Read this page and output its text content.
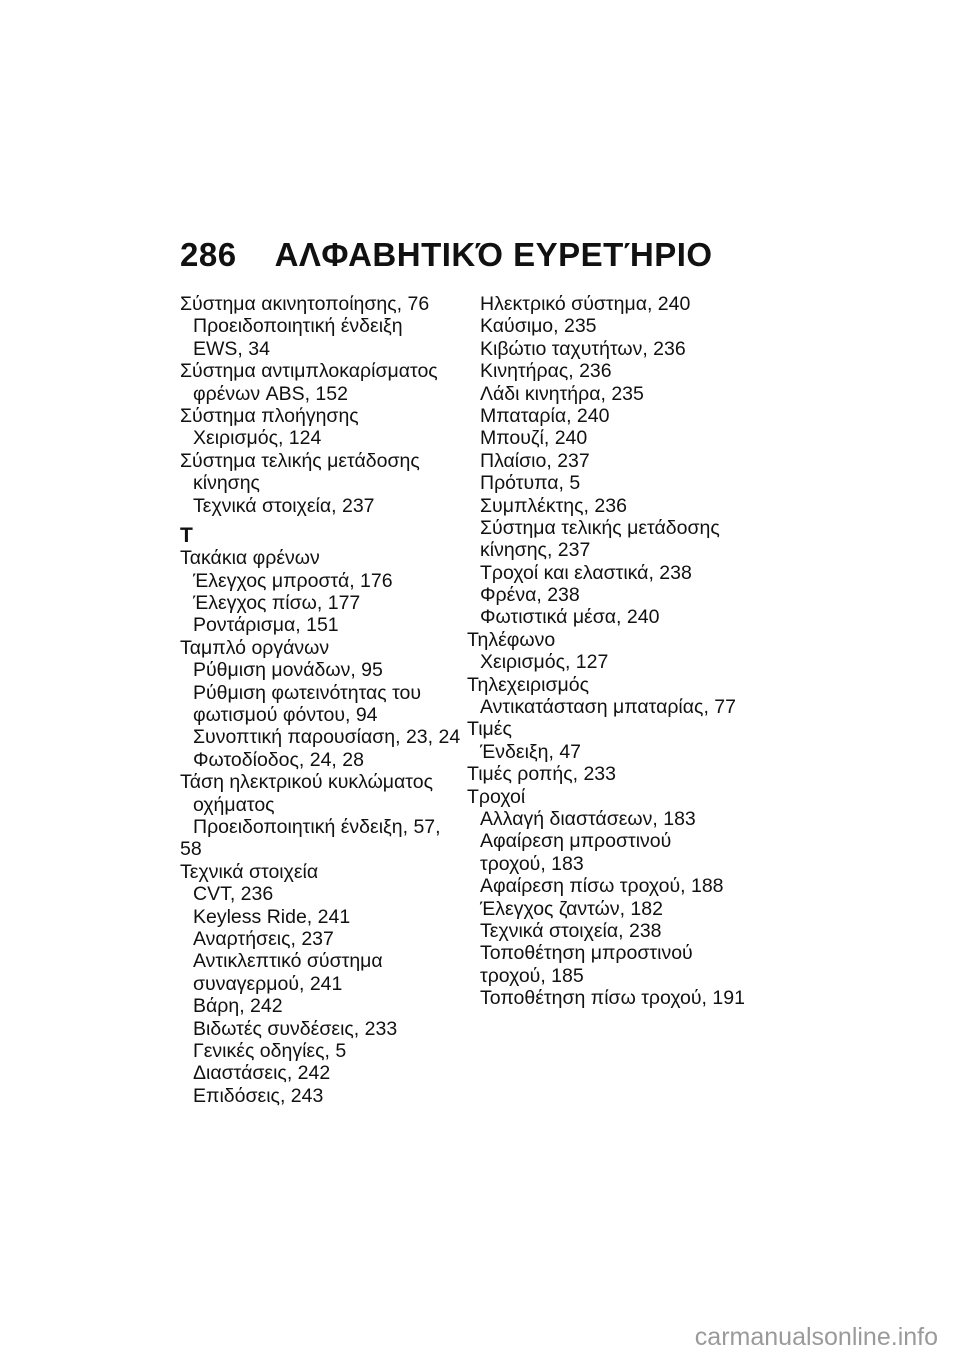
286 ΑΛΦΑΒΗΤΙΚΌ ΕΥΡΕΤΉΡΙΟ
Σύστημα ακινητοποίησης, 76
Προειδοποιητική ένδειξη
EWS, 34
Σύστημα αντιμπλοκαρίσματος
φρένων ABS, 152
Σύστημα πλοήγησης
Χειρισμός, 124
Σύστημα τελικής μετάδοσης
κίνησης
Τεχνικά στοιχεία, 237
T
Τακάκια φρένων
Έλεγχος μπροστά, 176
Έλεγχος πίσω, 177
Ροντάρισμα, 151
Ταμπλό οργάνων
Ρύθμιση μονάδων, 95
Ρύθμιση φωτεινότητας του
φωτισμού φόντου, 94
Συνοπτική παρουσίαση, 23, 24
Φωτοδίοδος, 24, 28
Τάση ηλεκτρικού κυκλώματος
οχήματος
Προειδοποιητική ένδειξη, 57,
58
Τεχνικά στοιχεία
CVT, 236
Keyless Ride, 241
Αναρτήσεις, 237
Αντικλεπτικό σύστημα
συναγερμού, 241
Βάρη, 242
Βιδωτές συνδέσεις, 233
Γενικές οδηγίες, 5
Διαστάσεις, 242
Επιδόσεις, 243
Ηλεκτρικό σύστημα, 240
Καύσιμο, 235
Κιβώτιο ταχυτήτων, 236
Κινητήρας, 236
Λάδι κινητήρα, 235
Μπαταρία, 240
Μπουζί, 240
Πλαίσιο, 237
Πρότυπα, 5
Συμπλέκτης, 236
Σύστημα τελικής μετάδοσης
κίνησης, 237
Τροχοί και ελαστικά, 238
Φρένα, 238
Φωτιστικά μέσα, 240
Τηλέφωνο
Χειρισμός, 127
Τηλεχειρισμός
Αντικατάσταση μπαταρίας, 77
Τιμές
Ένδειξη, 47
Τιμές ροπής, 233
Τροχοί
Αλλαγή διαστάσεων, 183
Αφαίρεση μπροστινού
τροχού, 183
Αφαίρεση πίσω τροχού, 188
Έλεγχος ζαντών, 182
Τεχνικά στοιχεία, 238
Τοποθέτηση μπροστινού
τροχού, 185
Τοποθέτηση πίσω τροχού, 191
carmanualsonline.info
